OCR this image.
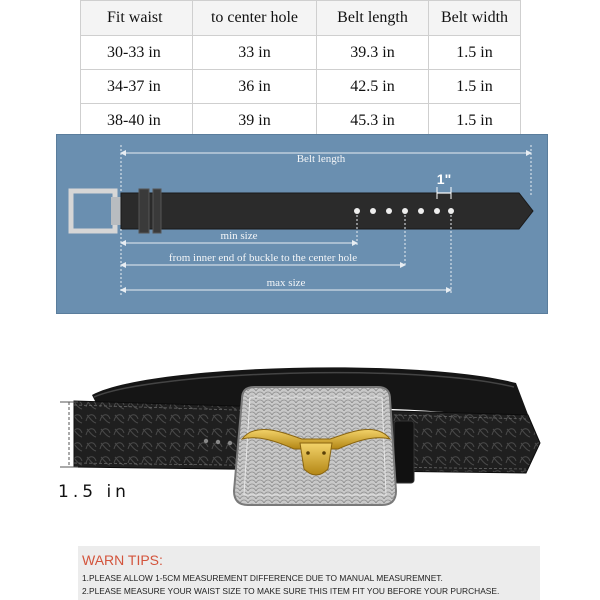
Fit waist	to center hole	Belt length	Belt width
30-33 in	33 in	39.3 in	1.5 in
34-37 in	36 in	42.5 in	1.5 in
38-40 in	39 in	45.3 in	1.5 in
Belt length
1"
min size
from inner end of buckle to the center hole
max size
1.5 in
WARN TIPS:
1.PLEASE ALLOW 1-5CM MEASUREMENT DIFFERENCE DUE TO MANUAL MEASUREMNET.
2.PLEASE MEASURE YOUR WAIST SIZE TO MAKE SURE THIS ITEM FIT YOU BEFORE YOUR PURCHASE.
